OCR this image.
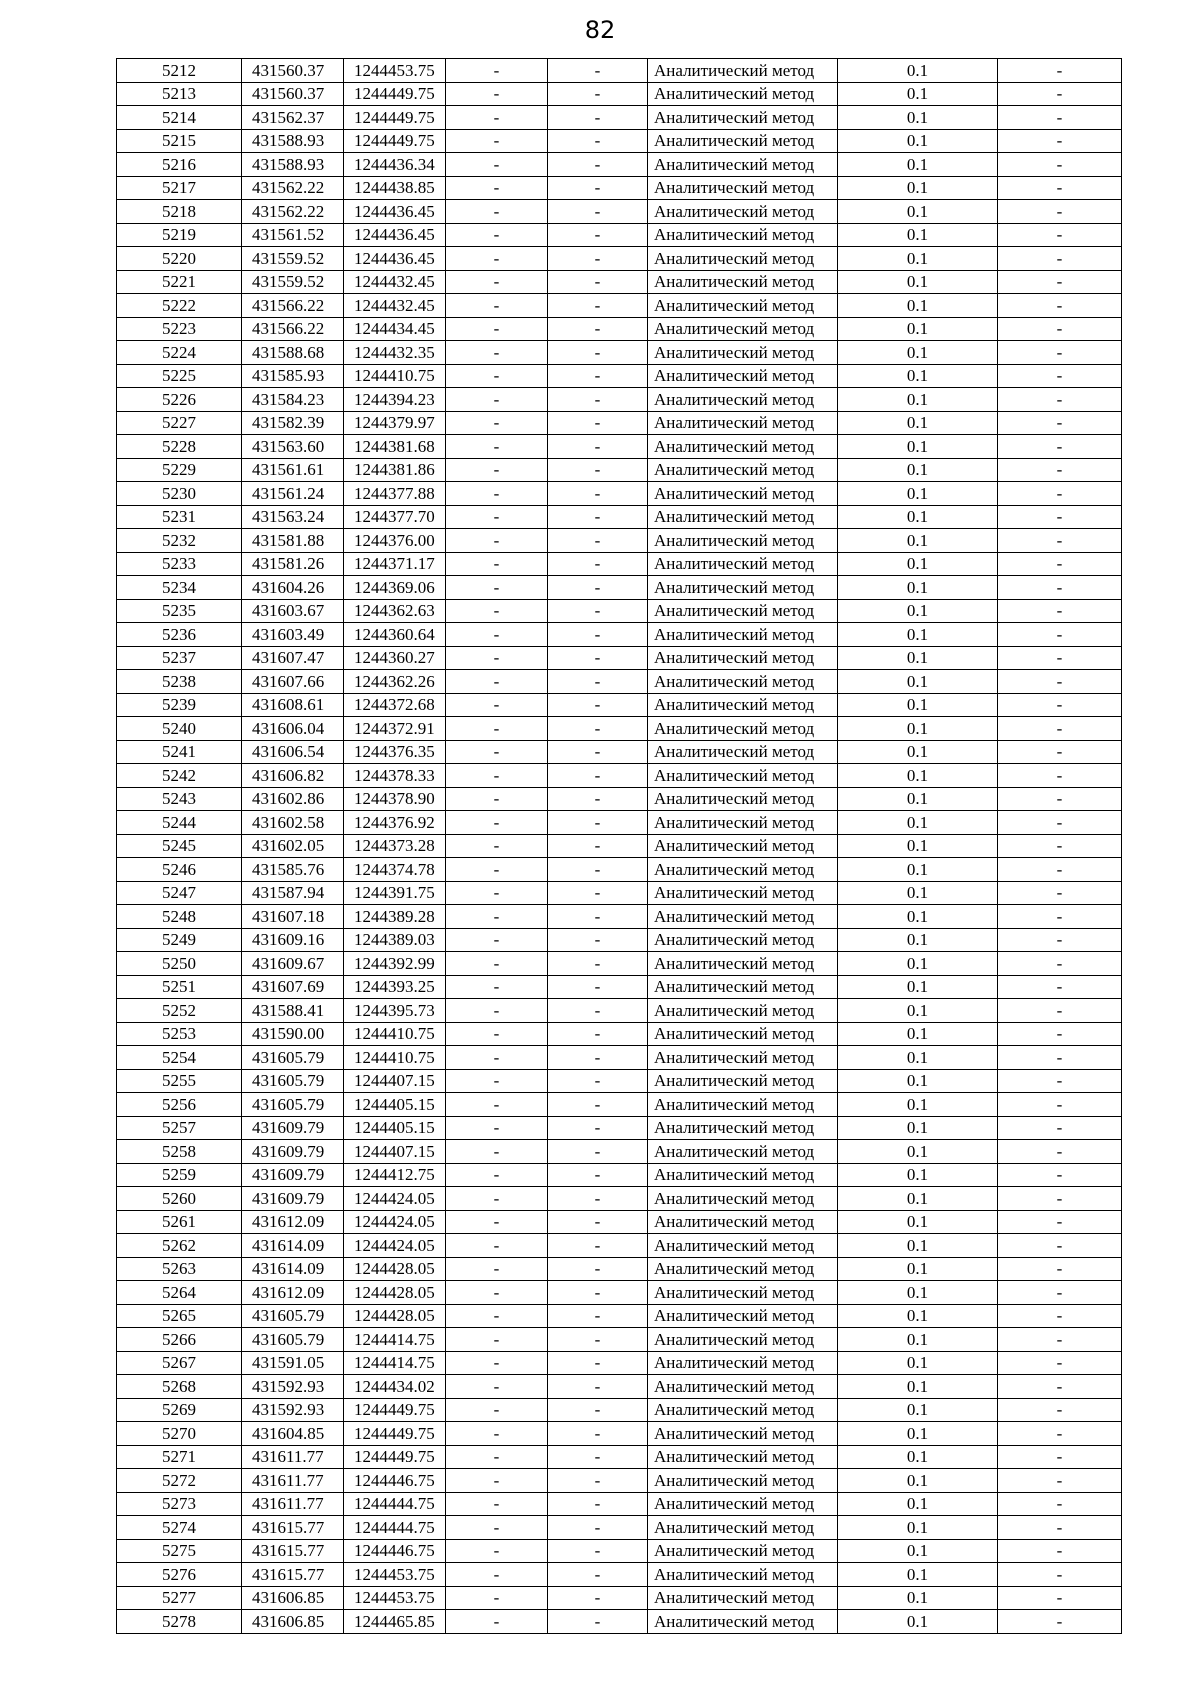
82
5212	431560.37	1244453.75	-	-	Аналитический метод	0.1	-
5213	431560.37	1244449.75	-	-	Аналитический метод	0.1	-
5214	431562.37	1244449.75	-	-	Аналитический метод	0.1	-
5215	431588.93	1244449.75	-	-	Аналитический метод	0.1	-
5216	431588.93	1244436.34	-	-	Аналитический метод	0.1	-
5217	431562.22	1244438.85	-	-	Аналитический метод	0.1	-
5218	431562.22	1244436.45	-	-	Аналитический метод	0.1	-
5219	431561.52	1244436.45	-	-	Аналитический метод	0.1	-
5220	431559.52	1244436.45	-	-	Аналитический метод	0.1	-
5221	431559.52	1244432.45	-	-	Аналитический метод	0.1	-
5222	431566.22	1244432.45	-	-	Аналитический метод	0.1	-
5223	431566.22	1244434.45	-	-	Аналитический метод	0.1	-
5224	431588.68	1244432.35	-	-	Аналитический метод	0.1	-
5225	431585.93	1244410.75	-	-	Аналитический метод	0.1	-
5226	431584.23	1244394.23	-	-	Аналитический метод	0.1	-
5227	431582.39	1244379.97	-	-	Аналитический метод	0.1	-
5228	431563.60	1244381.68	-	-	Аналитический метод	0.1	-
5229	431561.61	1244381.86	-	-	Аналитический метод	0.1	-
5230	431561.24	1244377.88	-	-	Аналитический метод	0.1	-
5231	431563.24	1244377.70	-	-	Аналитический метод	0.1	-
5232	431581.88	1244376.00	-	-	Аналитический метод	0.1	-
5233	431581.26	1244371.17	-	-	Аналитический метод	0.1	-
5234	431604.26	1244369.06	-	-	Аналитический метод	0.1	-
5235	431603.67	1244362.63	-	-	Аналитический метод	0.1	-
5236	431603.49	1244360.64	-	-	Аналитический метод	0.1	-
5237	431607.47	1244360.27	-	-	Аналитический метод	0.1	-
5238	431607.66	1244362.26	-	-	Аналитический метод	0.1	-
5239	431608.61	1244372.68	-	-	Аналитический метод	0.1	-
5240	431606.04	1244372.91	-	-	Аналитический метод	0.1	-
5241	431606.54	1244376.35	-	-	Аналитический метод	0.1	-
5242	431606.82	1244378.33	-	-	Аналитический метод	0.1	-
5243	431602.86	1244378.90	-	-	Аналитический метод	0.1	-
5244	431602.58	1244376.92	-	-	Аналитический метод	0.1	-
5245	431602.05	1244373.28	-	-	Аналитический метод	0.1	-
5246	431585.76	1244374.78	-	-	Аналитический метод	0.1	-
5247	431587.94	1244391.75	-	-	Аналитический метод	0.1	-
5248	431607.18	1244389.28	-	-	Аналитический метод	0.1	-
5249	431609.16	1244389.03	-	-	Аналитический метод	0.1	-
5250	431609.67	1244392.99	-	-	Аналитический метод	0.1	-
5251	431607.69	1244393.25	-	-	Аналитический метод	0.1	-
5252	431588.41	1244395.73	-	-	Аналитический метод	0.1	-
5253	431590.00	1244410.75	-	-	Аналитический метод	0.1	-
5254	431605.79	1244410.75	-	-	Аналитический метод	0.1	-
5255	431605.79	1244407.15	-	-	Аналитический метод	0.1	-
5256	431605.79	1244405.15	-	-	Аналитический метод	0.1	-
5257	431609.79	1244405.15	-	-	Аналитический метод	0.1	-
5258	431609.79	1244407.15	-	-	Аналитический метод	0.1	-
5259	431609.79	1244412.75	-	-	Аналитический метод	0.1	-
5260	431609.79	1244424.05	-	-	Аналитический метод	0.1	-
5261	431612.09	1244424.05	-	-	Аналитический метод	0.1	-
5262	431614.09	1244424.05	-	-	Аналитический метод	0.1	-
5263	431614.09	1244428.05	-	-	Аналитический метод	0.1	-
5264	431612.09	1244428.05	-	-	Аналитический метод	0.1	-
5265	431605.79	1244428.05	-	-	Аналитический метод	0.1	-
5266	431605.79	1244414.75	-	-	Аналитический метод	0.1	-
5267	431591.05	1244414.75	-	-	Аналитический метод	0.1	-
5268	431592.93	1244434.02	-	-	Аналитический метод	0.1	-
5269	431592.93	1244449.75	-	-	Аналитический метод	0.1	-
5270	431604.85	1244449.75	-	-	Аналитический метод	0.1	-
5271	431611.77	1244449.75	-	-	Аналитический метод	0.1	-
5272	431611.77	1244446.75	-	-	Аналитический метод	0.1	-
5273	431611.77	1244444.75	-	-	Аналитический метод	0.1	-
5274	431615.77	1244444.75	-	-	Аналитический метод	0.1	-
5275	431615.77	1244446.75	-	-	Аналитический метод	0.1	-
5276	431615.77	1244453.75	-	-	Аналитический метод	0.1	-
5277	431606.85	1244453.75	-	-	Аналитический метод	0.1	-
5278	431606.85	1244465.85	-	-	Аналитический метод	0.1	-
